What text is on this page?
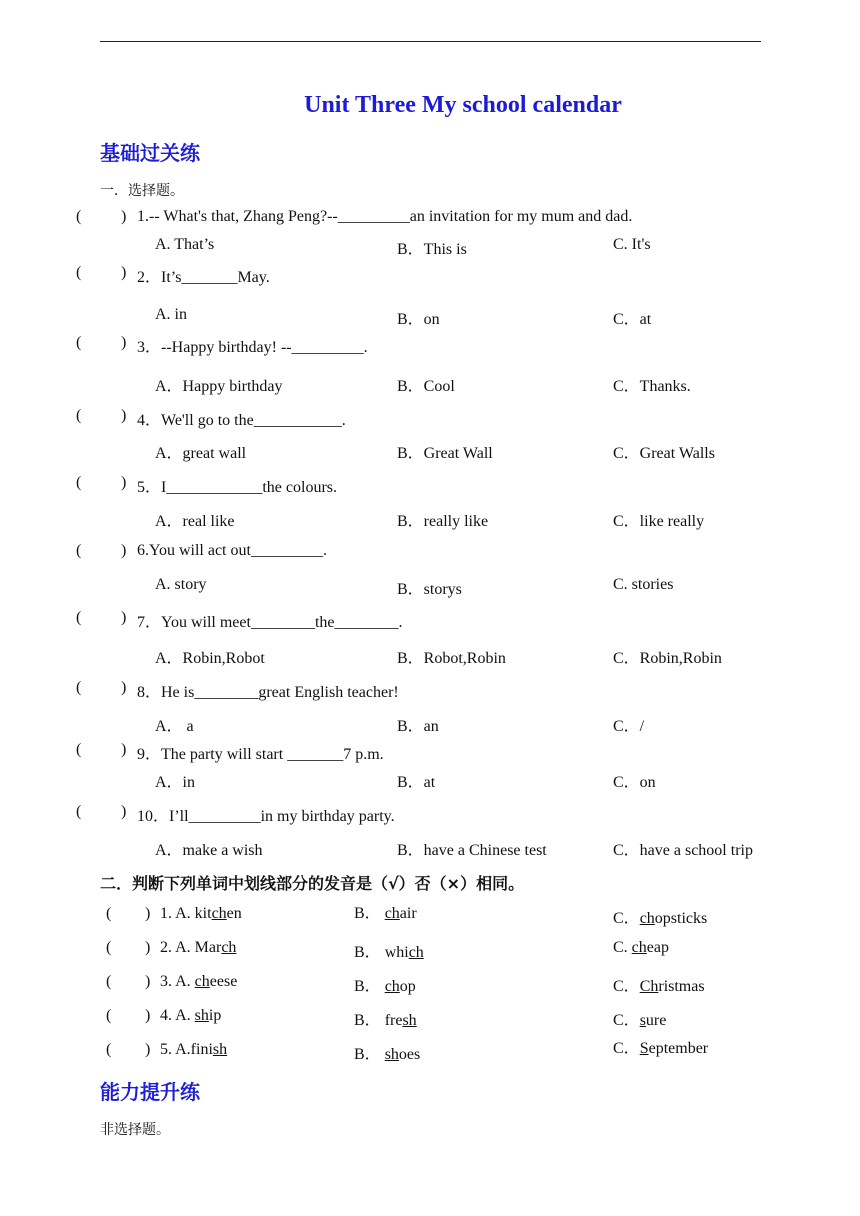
Unit Three My school calendar
基础过关练
一．选择题。
( ) 1.-- What's that, Zhang Peng?--_________an invitation for my mum and dad.
A. That’s	B．This is	C. It's
( ) 2．It’s_______May.
A. in	B．on	C．at
( ) 3．--Happy birthday! --_________.
A．Happy birthday	B．Cool	C．Thanks.
( ) 4．We'll go to the___________.
A．great wall	B．Great Wall	C．Great Walls
( ) 5．I____________the colours.
A．real like	B．really like	C．like really
( ) 6.You will act out_________.
A. story	B．storys	C. stories
( ) 7．You will meet________the________.
A．Robin,Robot	B．Robot,Robin	C．Robin,Robin
( ) 8．He is________great English teacher!
A． a	B．an	C．/
( ) 9．The party will start _______7 p.m.
A．in	B．at	C．on
( ) 10．I’ll_________in my birthday party.
A．make a wish	B．have a Chinese test	C．have a school trip
二．判断下列单词中划线部分的发音是（√）否（×）相同。
( ) 1. A. kitchen	B． chair	C．chopsticks
( ) 2. A. March	B． which	C. cheap
( ) 3. A. cheese	B． chop	C．Christmas
( ) 4. A. ship	B． fresh	C．sure
( ) 5. A.finish	B． shoes	C．September
能力提升练
非选择题。
